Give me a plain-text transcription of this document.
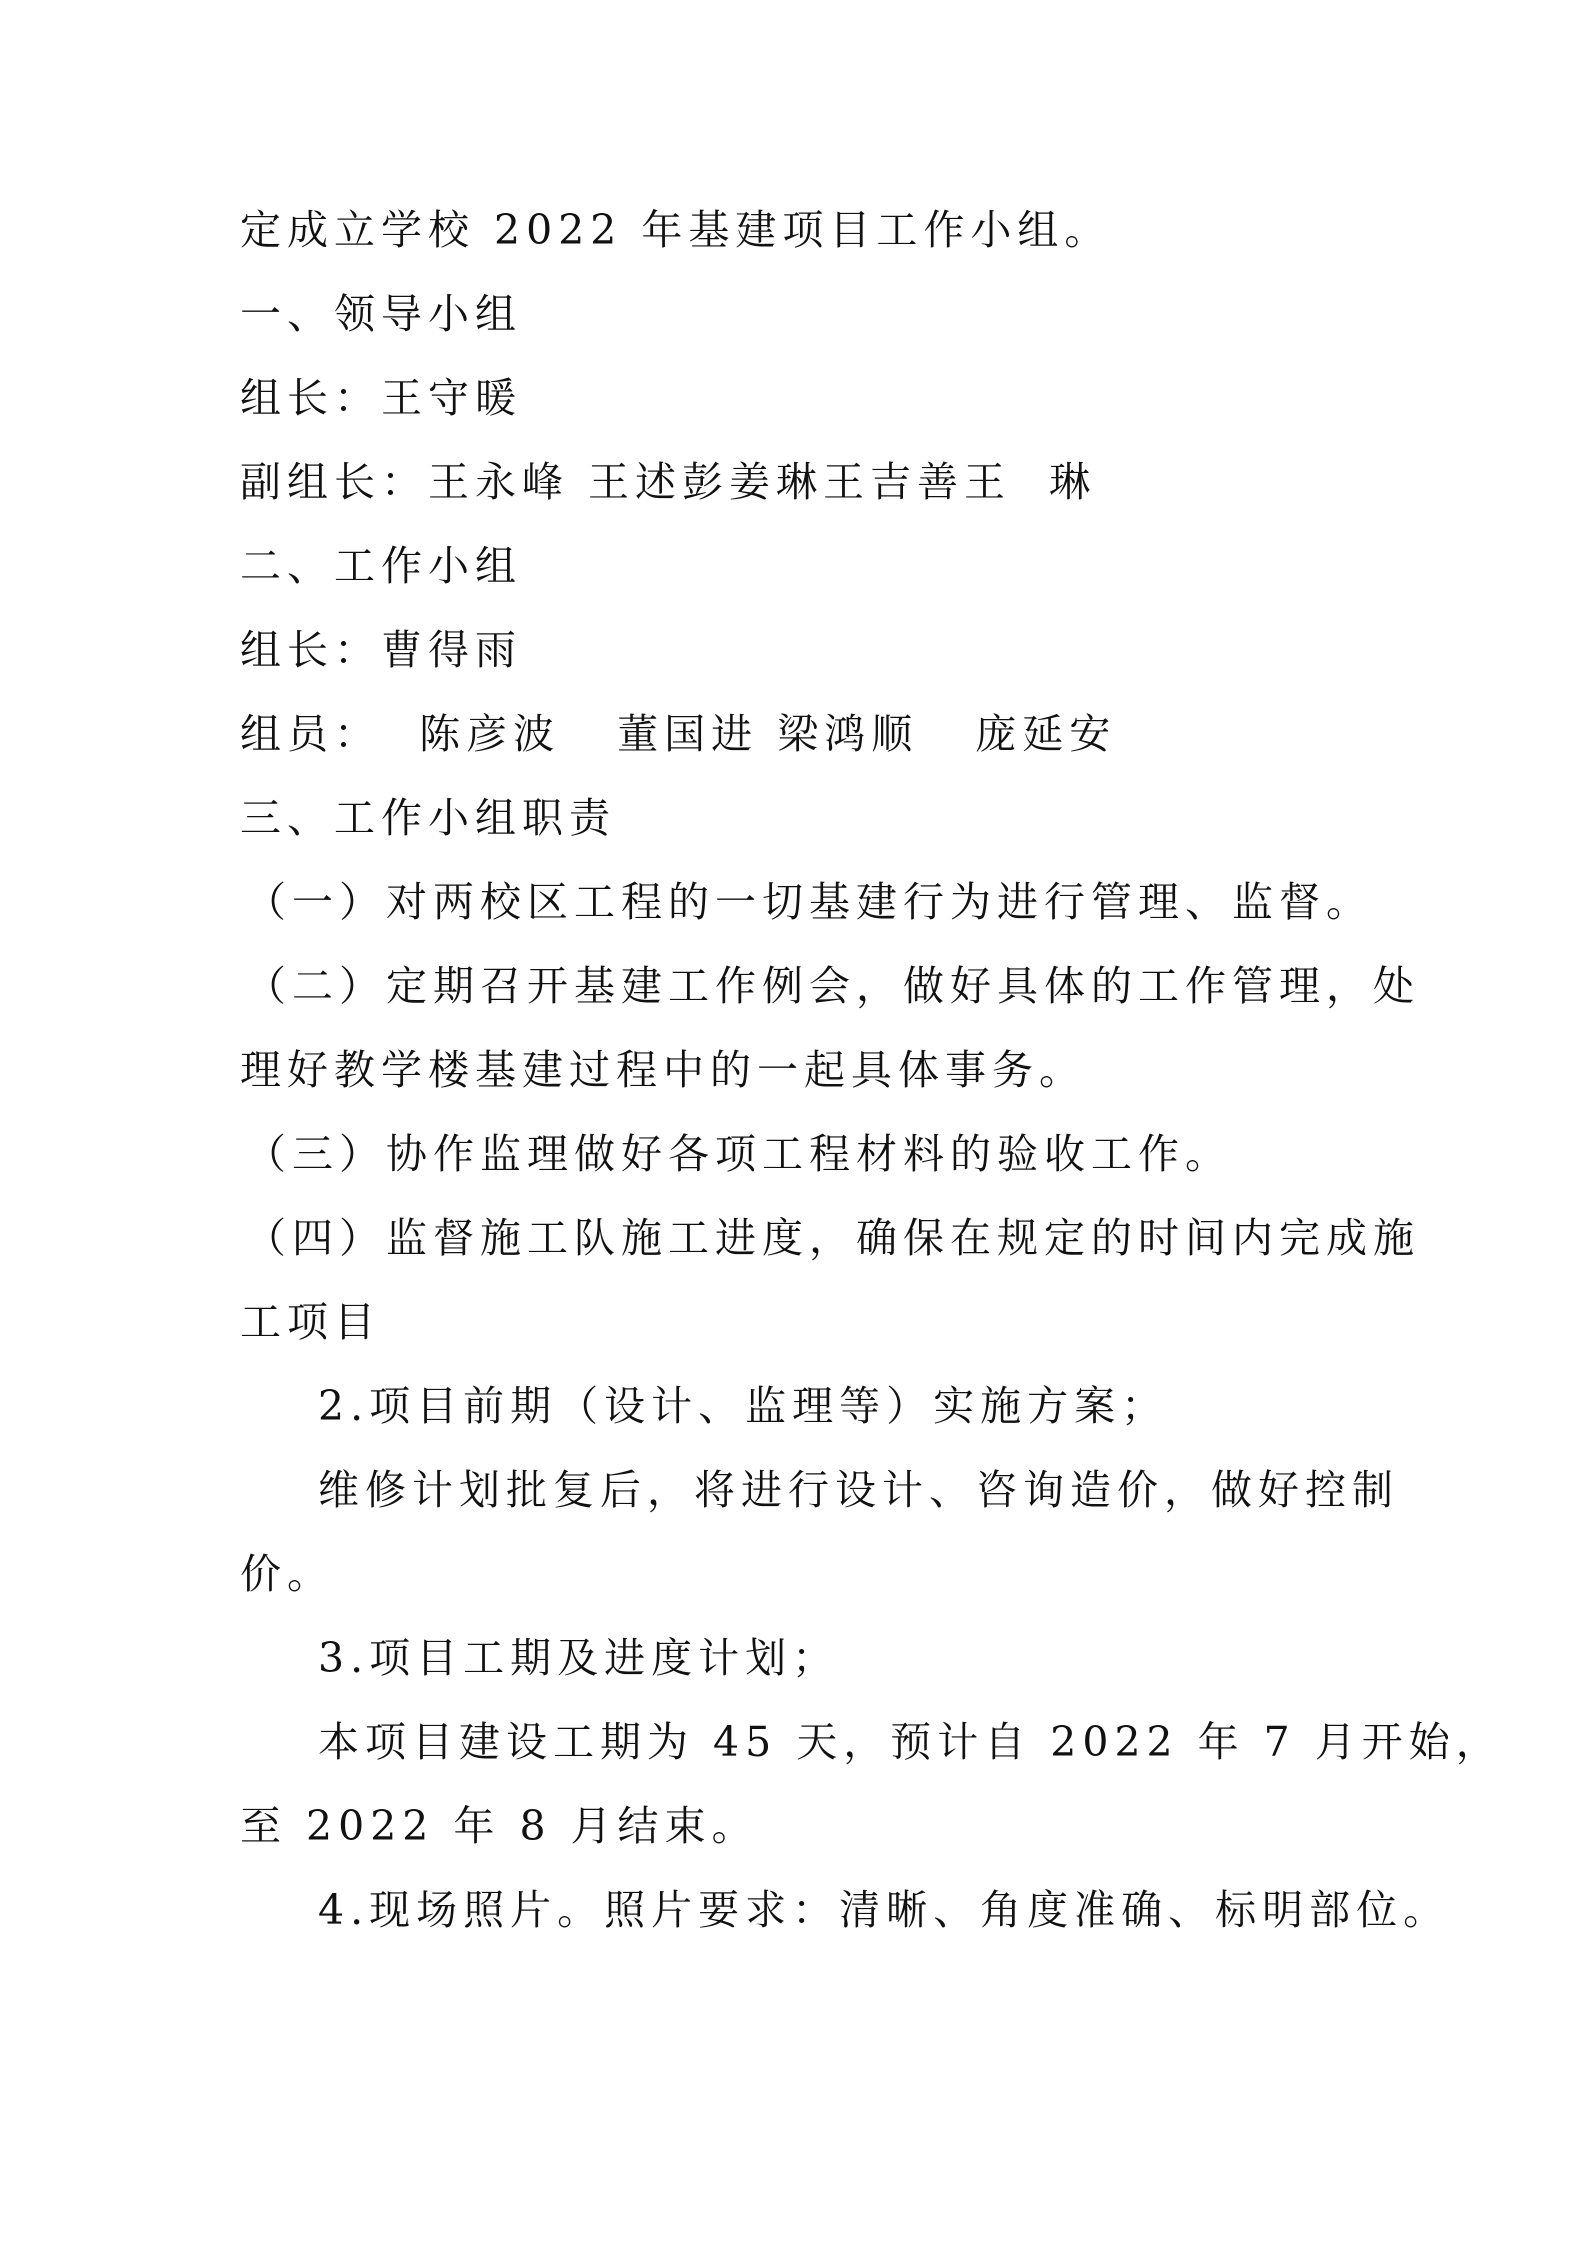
定成立学校 2022 年基建项目工作小组。
一、领导小组
组长：王守暖
副组长：王永峰 王述彭姜琳王吉善王  琳
二、工作小组
组长：曹得雨
组员：  陈彦波   董国进 梁鸿顺   庞延安
三、工作小组职责
（一）对两校区工程的一切基建行为进行管理、监督。
（二）定期召开基建工作例会，做好具体的工作管理，处
理好教学楼基建过程中的一起具体事务。
（三）协作监理做好各项工程材料的验收工作。
（四）监督施工队施工进度，确保在规定的时间内完成施
工项目
2.项目前期（设计、监理等）实施方案；
维修计划批复后，将进行设计、咨询造价，做好控制
价。
3.项目工期及进度计划；
本项目建设工期为 45 天，预计自 2022 年 7 月开始，
至 2022 年 8 月结束。
4.现场照片。照片要求：清晰、角度准确、标明部位。
